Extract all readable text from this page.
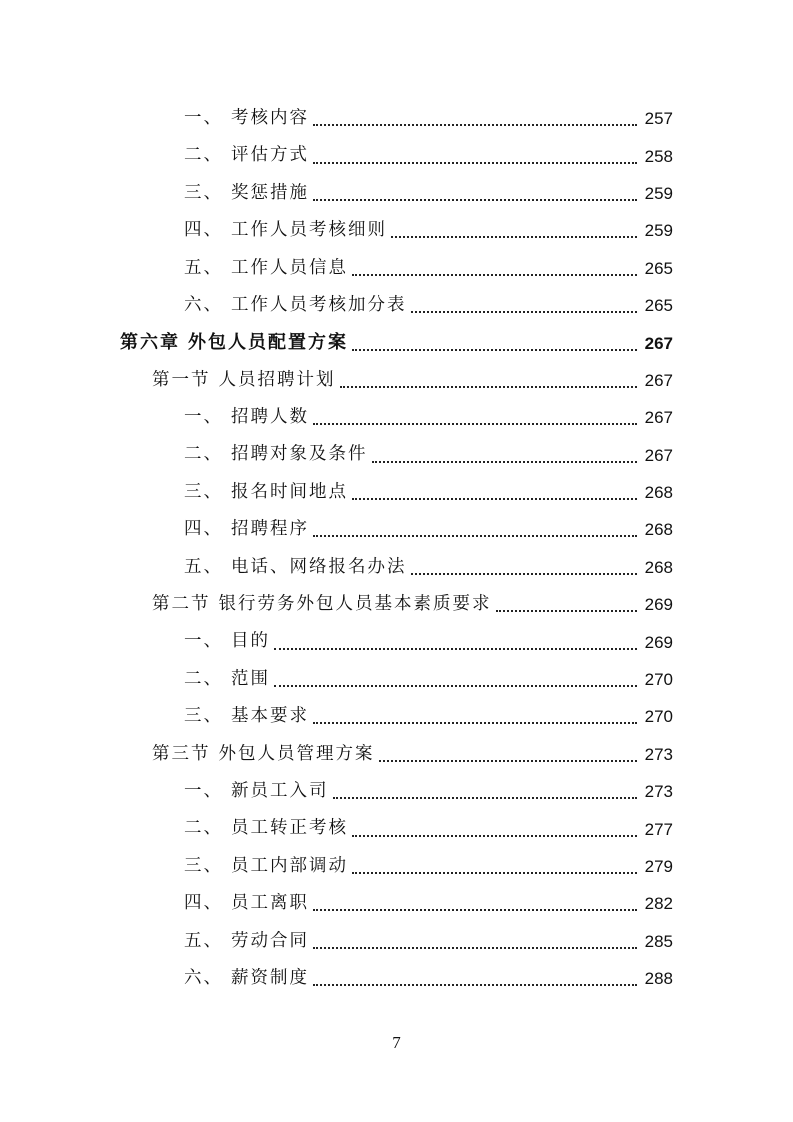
一、 考核内容	257
二、 评估方式	258
三、 奖惩措施	259
四、 工作人员考核细则	259
五、 工作人员信息	265
六、 工作人员考核加分表	265
第六章 外包人员配置方案	267
第一节 人员招聘计划	267
一、 招聘人数	267
二、 招聘对象及条件	267
三、 报名时间地点	268
四、 招聘程序	268
五、 电话、网络报名办法	268
第二节 银行劳务外包人员基本素质要求	269
一、 目的	269
二、 范围	270
三、 基本要求	270
第三节 外包人员管理方案	273
一、 新员工入司	273
二、 员工转正考核	277
三、 员工内部调动	279
四、 员工离职	282
五、 劳动合同	285
六、 薪资制度	288
7
